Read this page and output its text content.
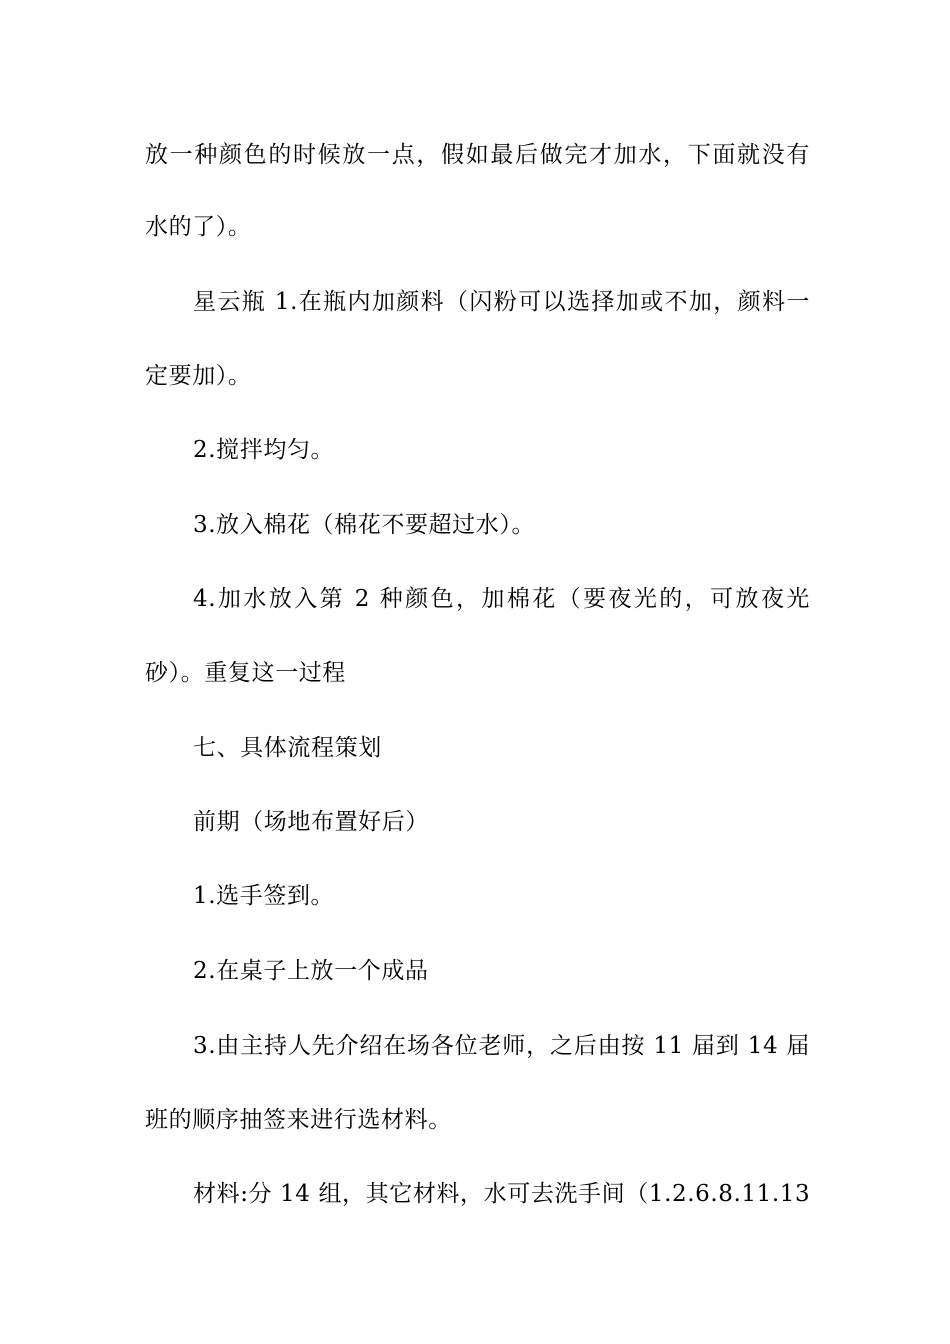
放一种颜色的时候放一点，假如最后做完才加水，下面就没有
水的了）。
星云瓶 1.在瓶内加颜料（闪粉可以选择加或不加，颜料一
定要加）。
2.搅拌均匀。
3.放入棉花（棉花不要超过水）。
4.加水放入第 2 种颜色，加棉花（要夜光的，可放夜光
砂）。重复这一过程
七、具体流程策划
前期（场地布置好后）
1.选手签到。
2.在桌子上放一个成品
3.由主持人先介绍在场各位老师，之后由按 11 届到 14 届
班的顺序抽签来进行选材料。
材料:分 14 组，其它材料，水可去洗手间（1.2.6.8.11.13
